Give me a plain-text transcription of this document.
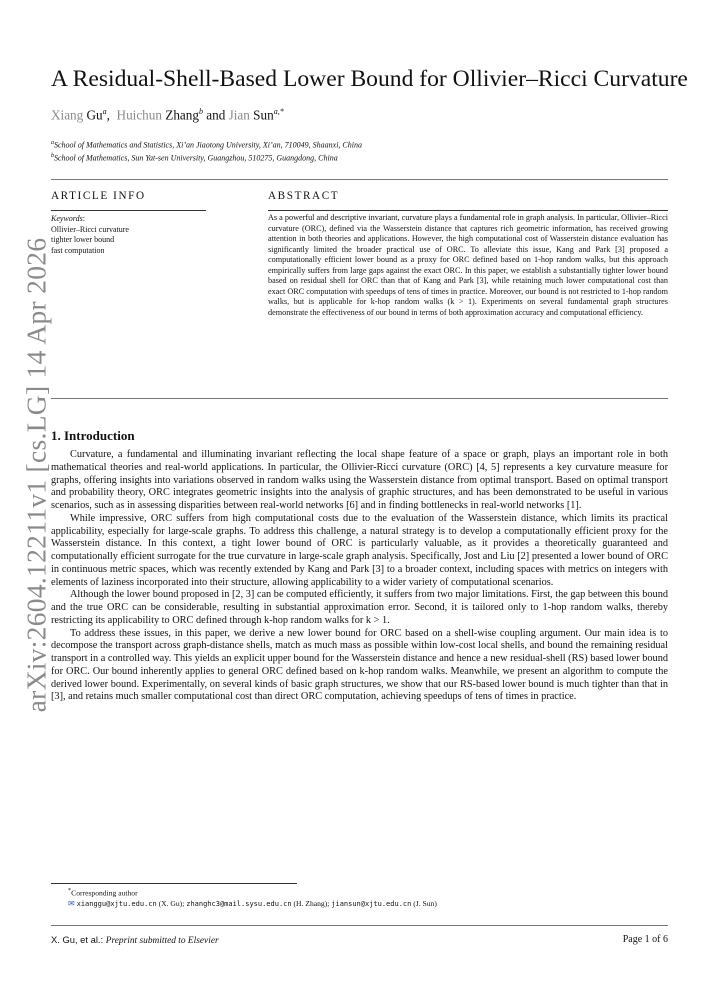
arXiv:2604.12211v1 [cs.LG] 14 Apr 2026
A Residual-Shell-Based Lower Bound for Ollivier–Ricci Curvature
Xiang Gu$^a$, Huichun Zhang$^b$ and Jian Sun$^{a,*}$
$^a$School of Mathematics and Statistics, Xi’an Jiaotong University, Xi’an, 710049, Shaanxi, China
$^b$School of Mathematics, Sun Yat-sen University, Guangzhou, 510275, Guangdong, China
ARTICLE INFO	ABSTRACT
Keywords:
Ollivier–Ricci curvature
tighter lower bound
fast computation
As a powerful and descriptive invariant, curvature plays a fundamental role in graph analysis. In particular, Ollivier–Ricci curvature (ORC), defined via the Wasserstein distance that captures rich geometric information, has received growing attention in both theories and applications. However, the high computational cost of Wasserstein distance evaluation has significantly limited the broader practical use of ORC. To alleviate this issue, Kang and Park [3] proposed a computationally efficient lower bound as a proxy for ORC defined based on 1-hop random walks, but this approach empirically suffers from large gaps against the exact ORC. In this paper, we establish a substantially tighter lower bound based on residual shell for ORC than that of Kang and Park [3], while retaining much lower computational cost than exact ORC computation with speedups of tens of times in practice. Moreover, our bound is not restricted to 1-hop random walks, but is applicable for k-hop random walks (k > 1). Experiments on several fundamental graph structures demonstrate the effectiveness of our bound in terms of both approximation accuracy and computational efficiency.
1. Introduction

Curvature, a fundamental and illuminating invariant reflecting the local shape feature of a space or graph, plays an important role in both mathematical theories and real-world applications. In particular, the Ollivier-Ricci curvature (ORC) [4, 5] represents a key curvature measure for graphs, offering insights into variations observed in random walks using the Wasserstein distance from optimal transport. Based on optimal transport and probability theory, ORC integrates geometric insights into the analysis of graphic structures, and has been demonstrated to be useful in various scenarios, such as in assessing disparities between real-world networks [6] and in finding bottlenecks in real-world networks [1].

While impressive, ORC suffers from high computational costs due to the evaluation of the Wasserstein distance, which limits its practical applicability, especially for large-scale graphs. To address this challenge, a natural strategy is to develop a computationally efficient proxy for the Wasserstein distance. In this context, a tight lower bound of ORC is particularly valuable, as it provides a theoretically guaranteed and computationally efficient surrogate for the true curvature in large-scale graph analysis. Specifically, Jost and Liu [2] presented a lower bound of ORC in continuous metric spaces, which was recently extended by Kang and Park [3] to a broader context, including spaces with metrics on integers with elements of laziness incorporated into their structure, allowing applicability to a wider variety of computational scenarios.

Although the lower bound proposed in [2, 3] can be computed efficiently, it suffers from two major limitations. First, the gap between this bound and the true ORC can be considerable, resulting in substantial approximation error. Second, it is tailored only to 1-hop random walks, thereby restricting its applicability to ORC defined through k-hop random walks for k > 1.

To address these issues, in this paper, we derive a new lower bound for ORC based on a shell-wise coupling argument. Our main idea is to decompose the transport across graph-distance shells, match as much mass as possible within low-cost local shells, and bound the remaining residual transport in a controlled way. This yields an explicit upper bound for the Wasserstein distance and hence a new residual-shell (RS) based lower bound for ORC. Our bound inherently applies to general ORC defined based on k-hop random walks. Meanwhile, we present an algorithm to compute the derived lower bound. Experimentally, on several kinds of basic graph structures, we show that our RS-based lower bound is much tighter than that in [3], and retains much smaller computational cost than direct ORC computation, achieving speedups of tens of times in practice.

*Corresponding author
✉ xianggu@xjtu.edu.cn (X. Gu); zhanghc3@mail.sysu.edu.cn (H. Zhang); jiansun@xjtu.edu.cn (J. Sun)
X. Gu, et al.: Preprint submitted to Elsevier	Page 1 of 6
